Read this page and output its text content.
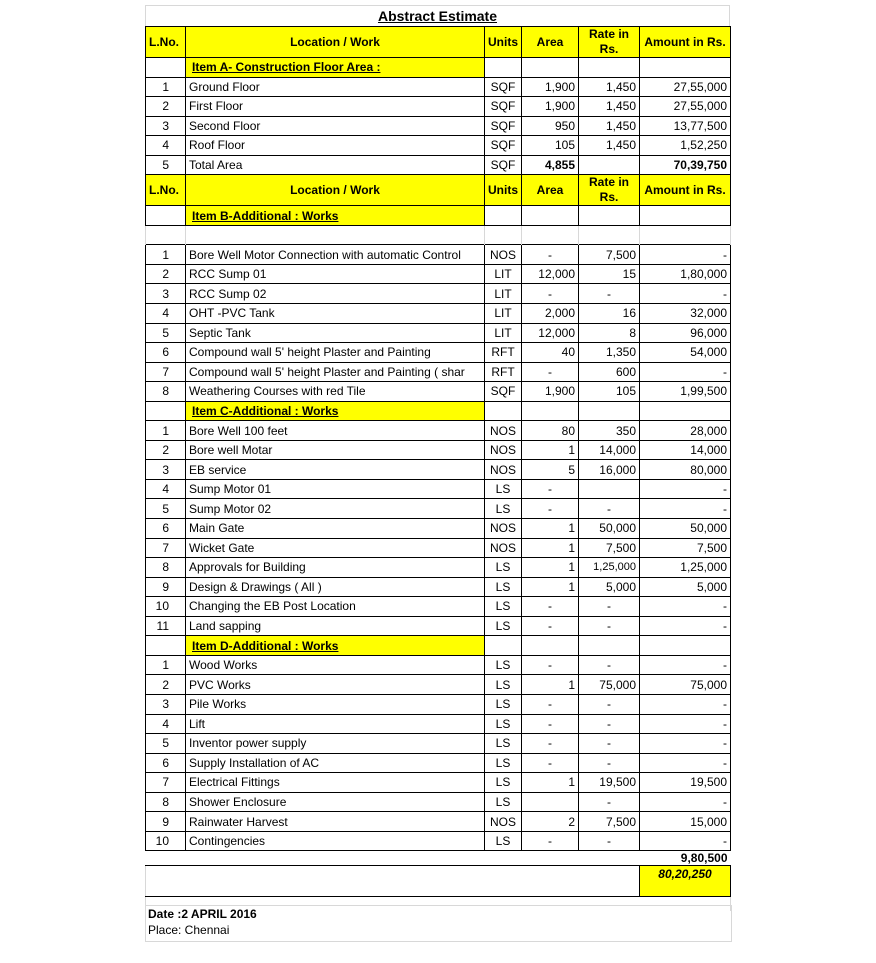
Abstract Estimate
L.No.	Location / Work	Units	Area	Rate in Rs.	Amount in Rs.
	Item A- Construction Floor Area :				
1	Ground Floor	SQF	1,900	1,450	27,55,000
2	First Floor	SQF	1,900	1,450	27,55,000
3	Second Floor	SQF	950	1,450	13,77,500
4	Roof Floor	SQF	105	1,450	1,52,250
5	Total Area	SQF	4,855		70,39,750
L.No.	Location / Work	Units	Area	Rate in Rs.	Amount in Rs.
	Item B-Additional : Works				

1	Bore Well Motor Connection with automatic Control	NOS	-	7,500	-
2	RCC Sump 01	LIT	12,000	15	1,80,000
3	RCC Sump 02	LIT	-	-	-
4	OHT -PVC Tank	LIT	2,000	16	32,000
5	Septic Tank	LIT	12,000	8	96,000
6	Compound wall 5' height Plaster and Painting	RFT	40	1,350	54,000
7	Compound wall 5' height Plaster and Painting ( shar	RFT	-	600	-
8	Weathering Courses with red Tile	SQF	1,900	105	1,99,500
	Item C-Additional : Works				
1	Bore Well 100 feet	NOS	80	350	28,000
2	Bore well Motar	NOS	1	14,000	14,000
3	EB service	NOS	5	16,000	80,000
4	Sump Motor 01	LS	-		-
5	Sump Motor 02	LS	-	-	-
6	Main Gate	NOS	1	50,000	50,000
7	Wicket Gate	NOS	1	7,500	7,500
8	Approvals for Building	LS	1	1,25,000	1,25,000
9	Design & Drawings ( All )	LS	1	5,000	5,000
10	Changing the EB Post Location	LS	-	-	-
11	Land sapping	LS	-	-	-
	Item D-Additional : Works				
1	Wood Works	LS	-	-	-
2	PVC Works	LS	1	75,000	75,000
3	Pile Works	LS	-	-	-
4	Lift	LS	-	-	-
5	Inventor power supply	LS	-	-	-
6	Supply Installation of AC	LS	-	-	-
7	Electrical Fittings	LS	1	19,500	19,500
8	Shower Enclosure	LS		-	-
9	Rainwater Harvest	NOS	2	7,500	15,000
10	Contingencies	LS	-	-	-
					9,80,500
					80,20,250

Date :2 APRIL 2016
Place: Chennai
